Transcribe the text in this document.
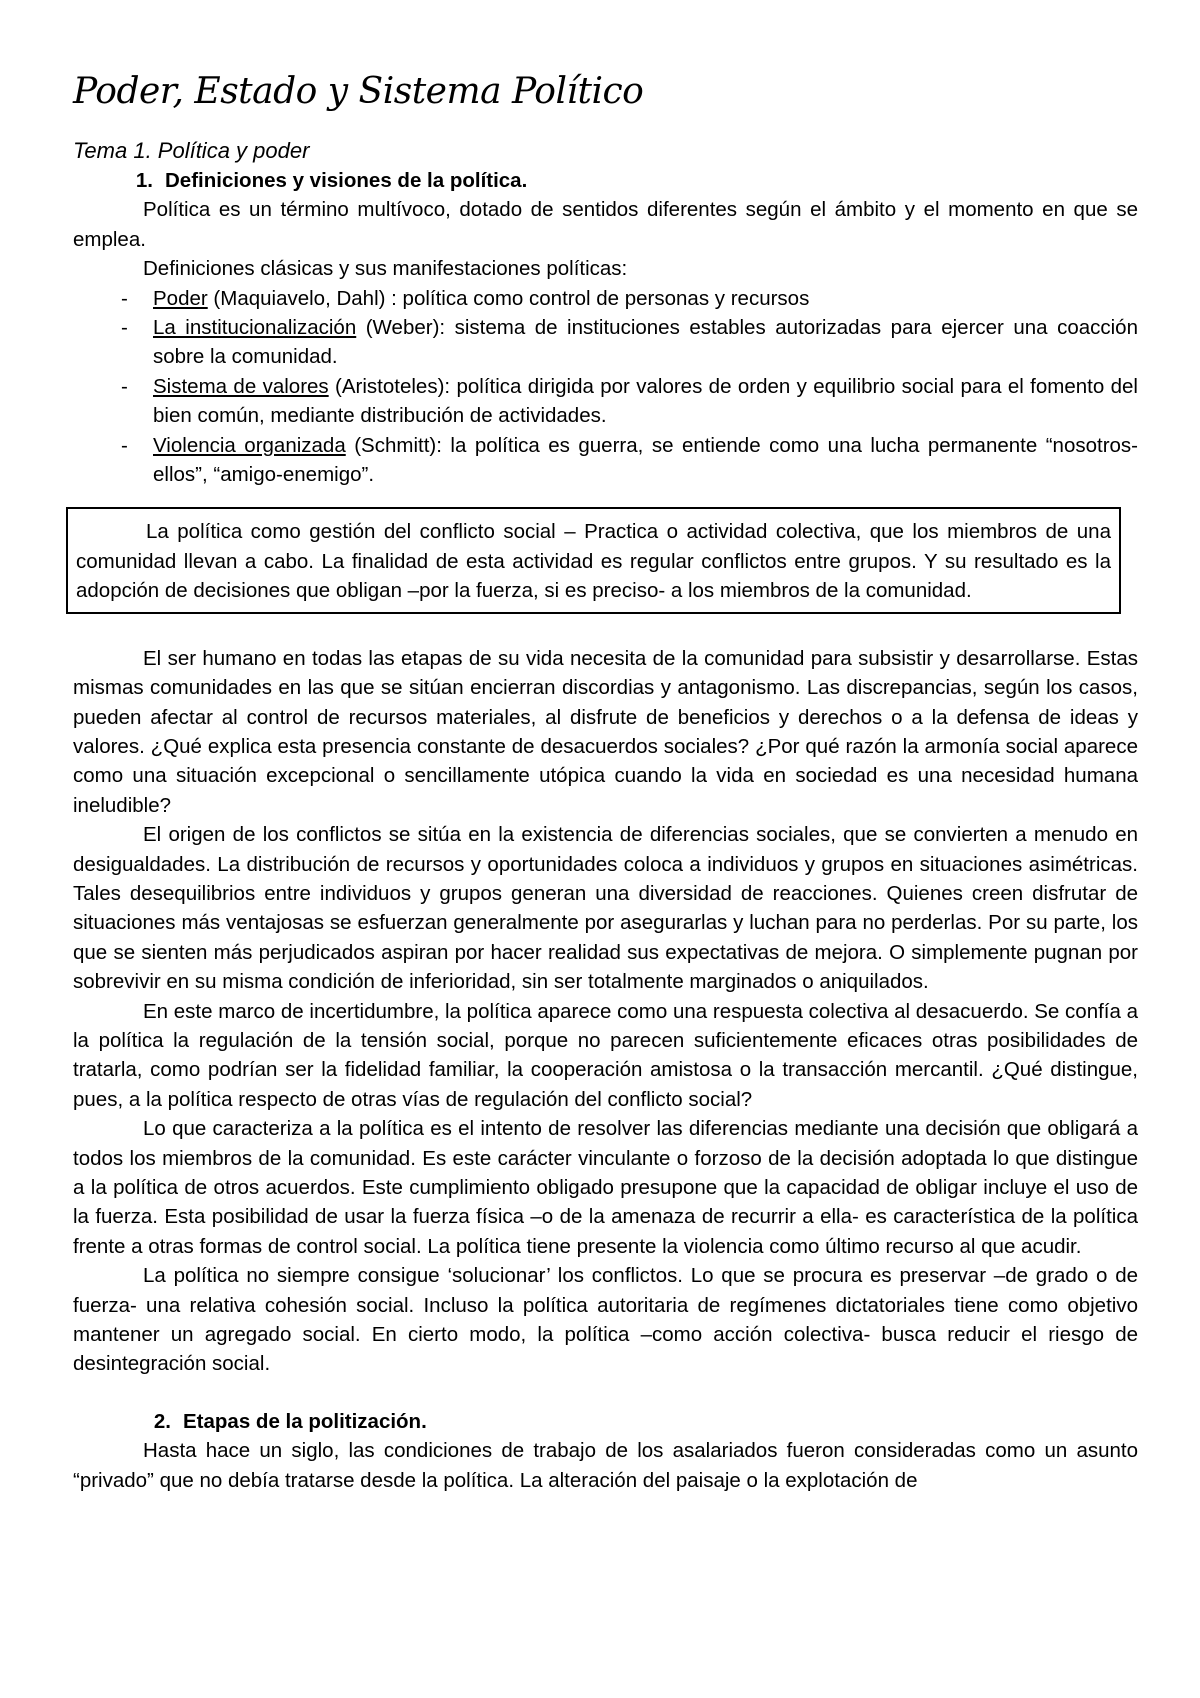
Poder, Estado y Sistema Político

Tema 1. Política y poder

1. Definiciones y visiones de la política.

Política es un término multívoco, dotado de sentidos diferentes según el ámbito y el momento en que se emplea.

Definiciones clásicas y sus manifestaciones políticas:

- Poder (Maquiavelo, Dahl) : política como control de personas y recursos
- La institucionalización (Weber): sistema de instituciones estables autorizadas para ejercer una coacción sobre la comunidad.
- Sistema de valores (Aristoteles): política dirigida por valores de orden y equilibrio social para el fomento del bien común, mediante distribución de actividades.
- Violencia organizada (Schmitt): la política es guerra, se entiende como una lucha permanente “nosotros-ellos”, “amigo-enemigo”.

La política como gestión del conflicto social – Practica o actividad colectiva, que los miembros de una comunidad llevan a cabo. La finalidad de esta actividad es regular conflictos entre grupos. Y su resultado es la adopción de decisiones que obligan –por la fuerza, si es preciso- a los miembros de la comunidad.

El ser humano en todas las etapas de su vida necesita de la comunidad para subsistir y desarrollarse. Estas mismas comunidades en las que se sitúan encierran discordias y antagonismo. Las discrepancias, según los casos, pueden afectar al control de recursos materiales, al disfrute de beneficios y derechos o a la defensa de ideas y valores. ¿Qué explica esta presencia constante de desacuerdos sociales? ¿Por qué razón la armonía social aparece como una situación excepcional o sencillamente utópica cuando la vida en sociedad es una necesidad humana ineludible?

El origen de los conflictos se sitúa en la existencia de diferencias sociales, que se convierten a menudo en desigualdades. La distribución de recursos y oportunidades coloca a individuos y grupos en situaciones asimétricas. Tales desequilibrios entre individuos y grupos generan una diversidad de reacciones. Quienes creen disfrutar de situaciones más ventajosas se esfuerzan generalmente por asegurarlas y luchan para no perderlas. Por su parte, los que se sienten más perjudicados aspiran por hacer realidad sus expectativas de mejora. O simplemente pugnan por sobrevivir en su misma condición de inferioridad, sin ser totalmente marginados o aniquilados.

En este marco de incertidumbre, la política aparece como una respuesta colectiva al desacuerdo. Se confía a la política la regulación de la tensión social, porque no parecen suficientemente eficaces otras posibilidades de tratarla, como podrían ser la fidelidad familiar, la cooperación amistosa o la transacción mercantil. ¿Qué distingue, pues, a la política respecto de otras vías de regulación del conflicto social?

Lo que caracteriza a la política es el intento de resolver las diferencias mediante una decisión que obligará a todos los miembros de la comunidad. Es este carácter vinculante o forzoso de la decisión adoptada lo que distingue a la política de otros acuerdos. Este cumplimiento obligado presupone que la capacidad de obligar incluye el uso de la fuerza. Esta posibilidad de usar la fuerza física –o de la amenaza de recurrir a ella- es característica de la política frente a otras formas de control social. La política tiene presente la violencia como último recurso al que acudir.

La política no siempre consigue ‘solucionar’ los conflictos. Lo que se procura es preservar –de grado o de fuerza- una relativa cohesión social. Incluso la política autoritaria de regímenes dictatoriales tiene como objetivo mantener un agregado social. En cierto modo, la política –como acción colectiva- busca reducir el riesgo de desintegración social.

2. Etapas de la politización.

Hasta hace un siglo, las condiciones de trabajo de los asalariados fueron consideradas como un asunto “privado” que no debía tratarse desde la política. La alteración del paisaje o la explotación de
